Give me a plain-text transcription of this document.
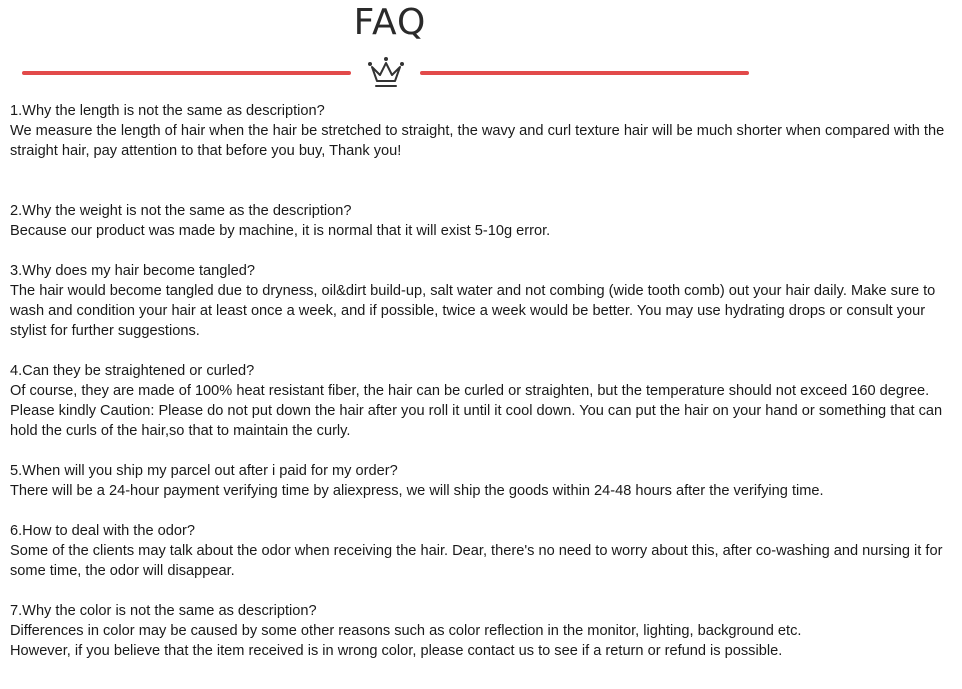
FAQ

1.Why the length is not the same as description?

We measure the length of hair when the hair be stretched to straight, the wavy and curl texture hair will be much shorter when compared with the straight hair, pay attention to that before you buy, Thank you!

2.Why the weight is not the same as the description?

Because our product was made by machine, it is normal that it will exist 5-10g error.

3.Why does my hair become tangled?

The hair would become tangled due to dryness, oil&dirt build-up, salt water and not combing (wide tooth comb) out your hair daily. Make sure to wash and condition your hair at least once a week, and if possible, twice a week would be better. You may use hydrating drops or consult your stylist for further suggestions.

4.Can they be straightened or curled?

Of course, they are made of 100% heat resistant fiber, the hair can be curled or straighten, but the temperature should not exceed 160 degree.

Please kindly Caution: Please do not put down the hair after you roll it until it cool down. You can put the hair on your hand or something that can hold the curls of the hair,so that to maintain the curly.

5.When will you ship my parcel out after i paid for my order?

There will be a 24-hour payment verifying time by aliexpress, we will ship the goods within 24-48 hours after the verifying time.

6.How to deal with the odor?

Some of the clients may talk about the odor when receiving the hair. Dear, there's no need to worry about this, after co-washing and nursing it for some time, the odor will disappear.

7.Why the color is not the same as description?

Differences in color may be caused by some other reasons such as color reflection in the monitor, lighting, background etc.

However, if you believe that the item received is in wrong color, please contact us to see if a return or refund is possible.
